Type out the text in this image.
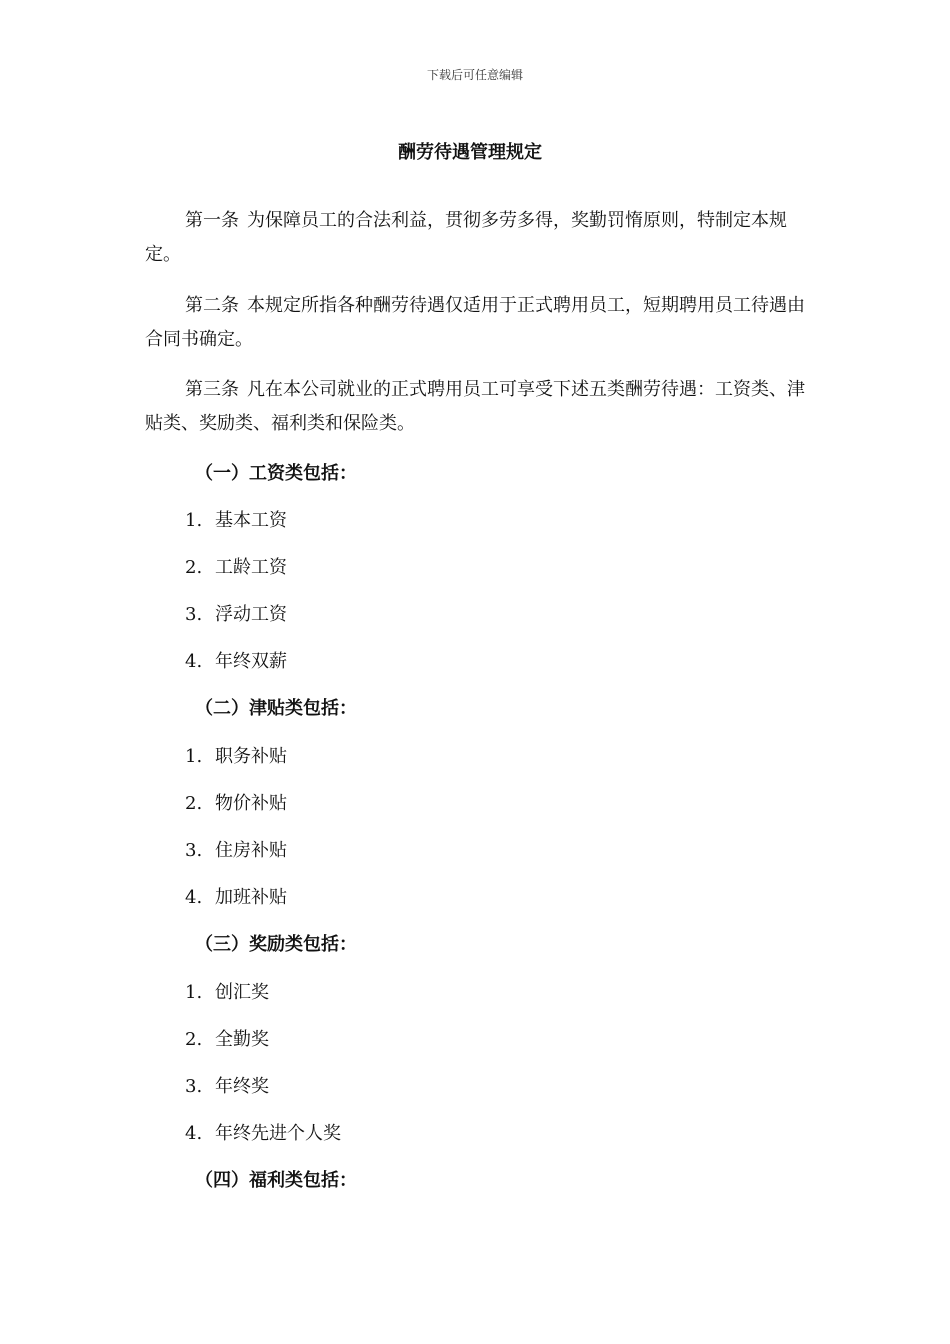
下载后可任意编辑
酬劳待遇管理规定

第一条 为保障员工的合法利益，贯彻多劳多得，奖勤罚惰原则，特制定本规定。

第二条 本规定所指各种酬劳待遇仅适用于正式聘用员工，短期聘用员工待遇由合同书确定。

第三条 凡在本公司就业的正式聘用员工可享受下述五类酬劳待遇：工资类、津贴类、奖励类、福利类和保险类。

（一）工资类包括：
1. 基本工资
2. 工龄工资
3. 浮动工资
4. 年终双薪
（二）津贴类包括：
1. 职务补贴
2. 物价补贴
3. 住房补贴
4. 加班补贴
（三）奖励类包括：
1. 创汇奖
2. 全勤奖
3. 年终奖
4. 年终先进个人奖
（四）福利类包括：
